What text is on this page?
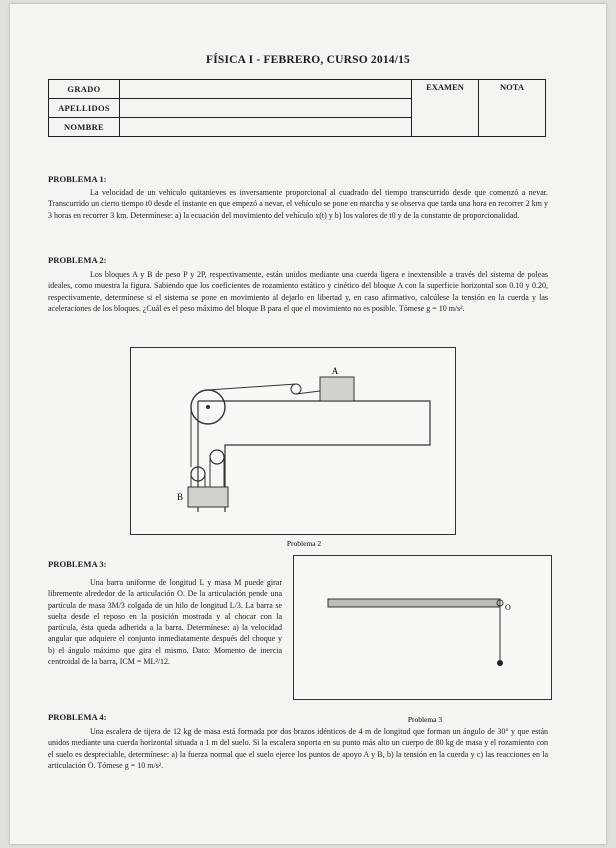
FÍSICA I - FEBRERO, CURSO 2014/15
GRADO		EXAMEN	NOTA
APELLIDOS			
NOMBRE			
PROBLEMA 1:
La velocidad de un vehículo quitanieves es inversamente proporcional al cuadrado del tiempo transcurrido desde que comenzó a nevar. Transcurrido un cierto tiempo t0 desde el instante en que empezó a nevar, el vehículo se pone en marcha y se observa que tarda una hora en recorrer 2 km y 3 horas en recorrer 3 km. Determínese: a) la ecuación del movimiento del vehículo x(t) y b) los valores de t0 y de la constante de proporcionalidad.
PROBLEMA 2:
Los bloques A y B de peso P y 2P, respectivamente, están unidos mediante una cuerda ligera e inextensible a través del sistema de poleas ideales, como muestra la figura. Sabiendo que los coeficientes de rozamiento estático y cinético del bloque A con la superficie horizontal son 0.10 y 0.20, respectivamente, determínese si el sistema se pone en movimiento al dejarlo en libertad y, en caso afirmativo, calcúlese la tensión en la cuerda y las aceleraciones de los bloques. ¿Cuál es el peso máximo del bloque B para el que el movimiento no es posible. Tómese g = 10 m/s².
A
B
Problema 2
PROBLEMA 3:
Una barra uniforme de longitud L y masa M puede girar libremente alrededor de la articulación O. De la articulación pende una partícula de masa 3M/3 colgada de un hilo de longitud L/3. La barra se suelta desde el reposo en la posición mostrada y al chocar con la partícula, ésta queda adherida a la barra. Determínese: a) la velocidad angular que adquiere el conjunto inmediatamente después del choque y b) el ángulo máximo que gira el mismo. Dato: Momento de inercia centroidal de la barra, ICM = ML²/12.
O
Problema 3
PROBLEMA 4:
Una escalera de tijera de 12 kg de masa está formada por dos brazos idénticos de 4 m de longitud que forman un ángulo de 30° y que están unidos mediante una cuerda horizontal situada a 1 m del suelo. Si la escalera soporta en su punto más alto un cuerpo de 80 kg de masa y el rozamiento con el suelo es despreciable, determínese: a) la fuerza normal que el suelo ejerce los puntos de apoyo A y B, b) la tensión en la cuerda y c) las reacciones en la articulación O. Tómese g = 10 m/s².
